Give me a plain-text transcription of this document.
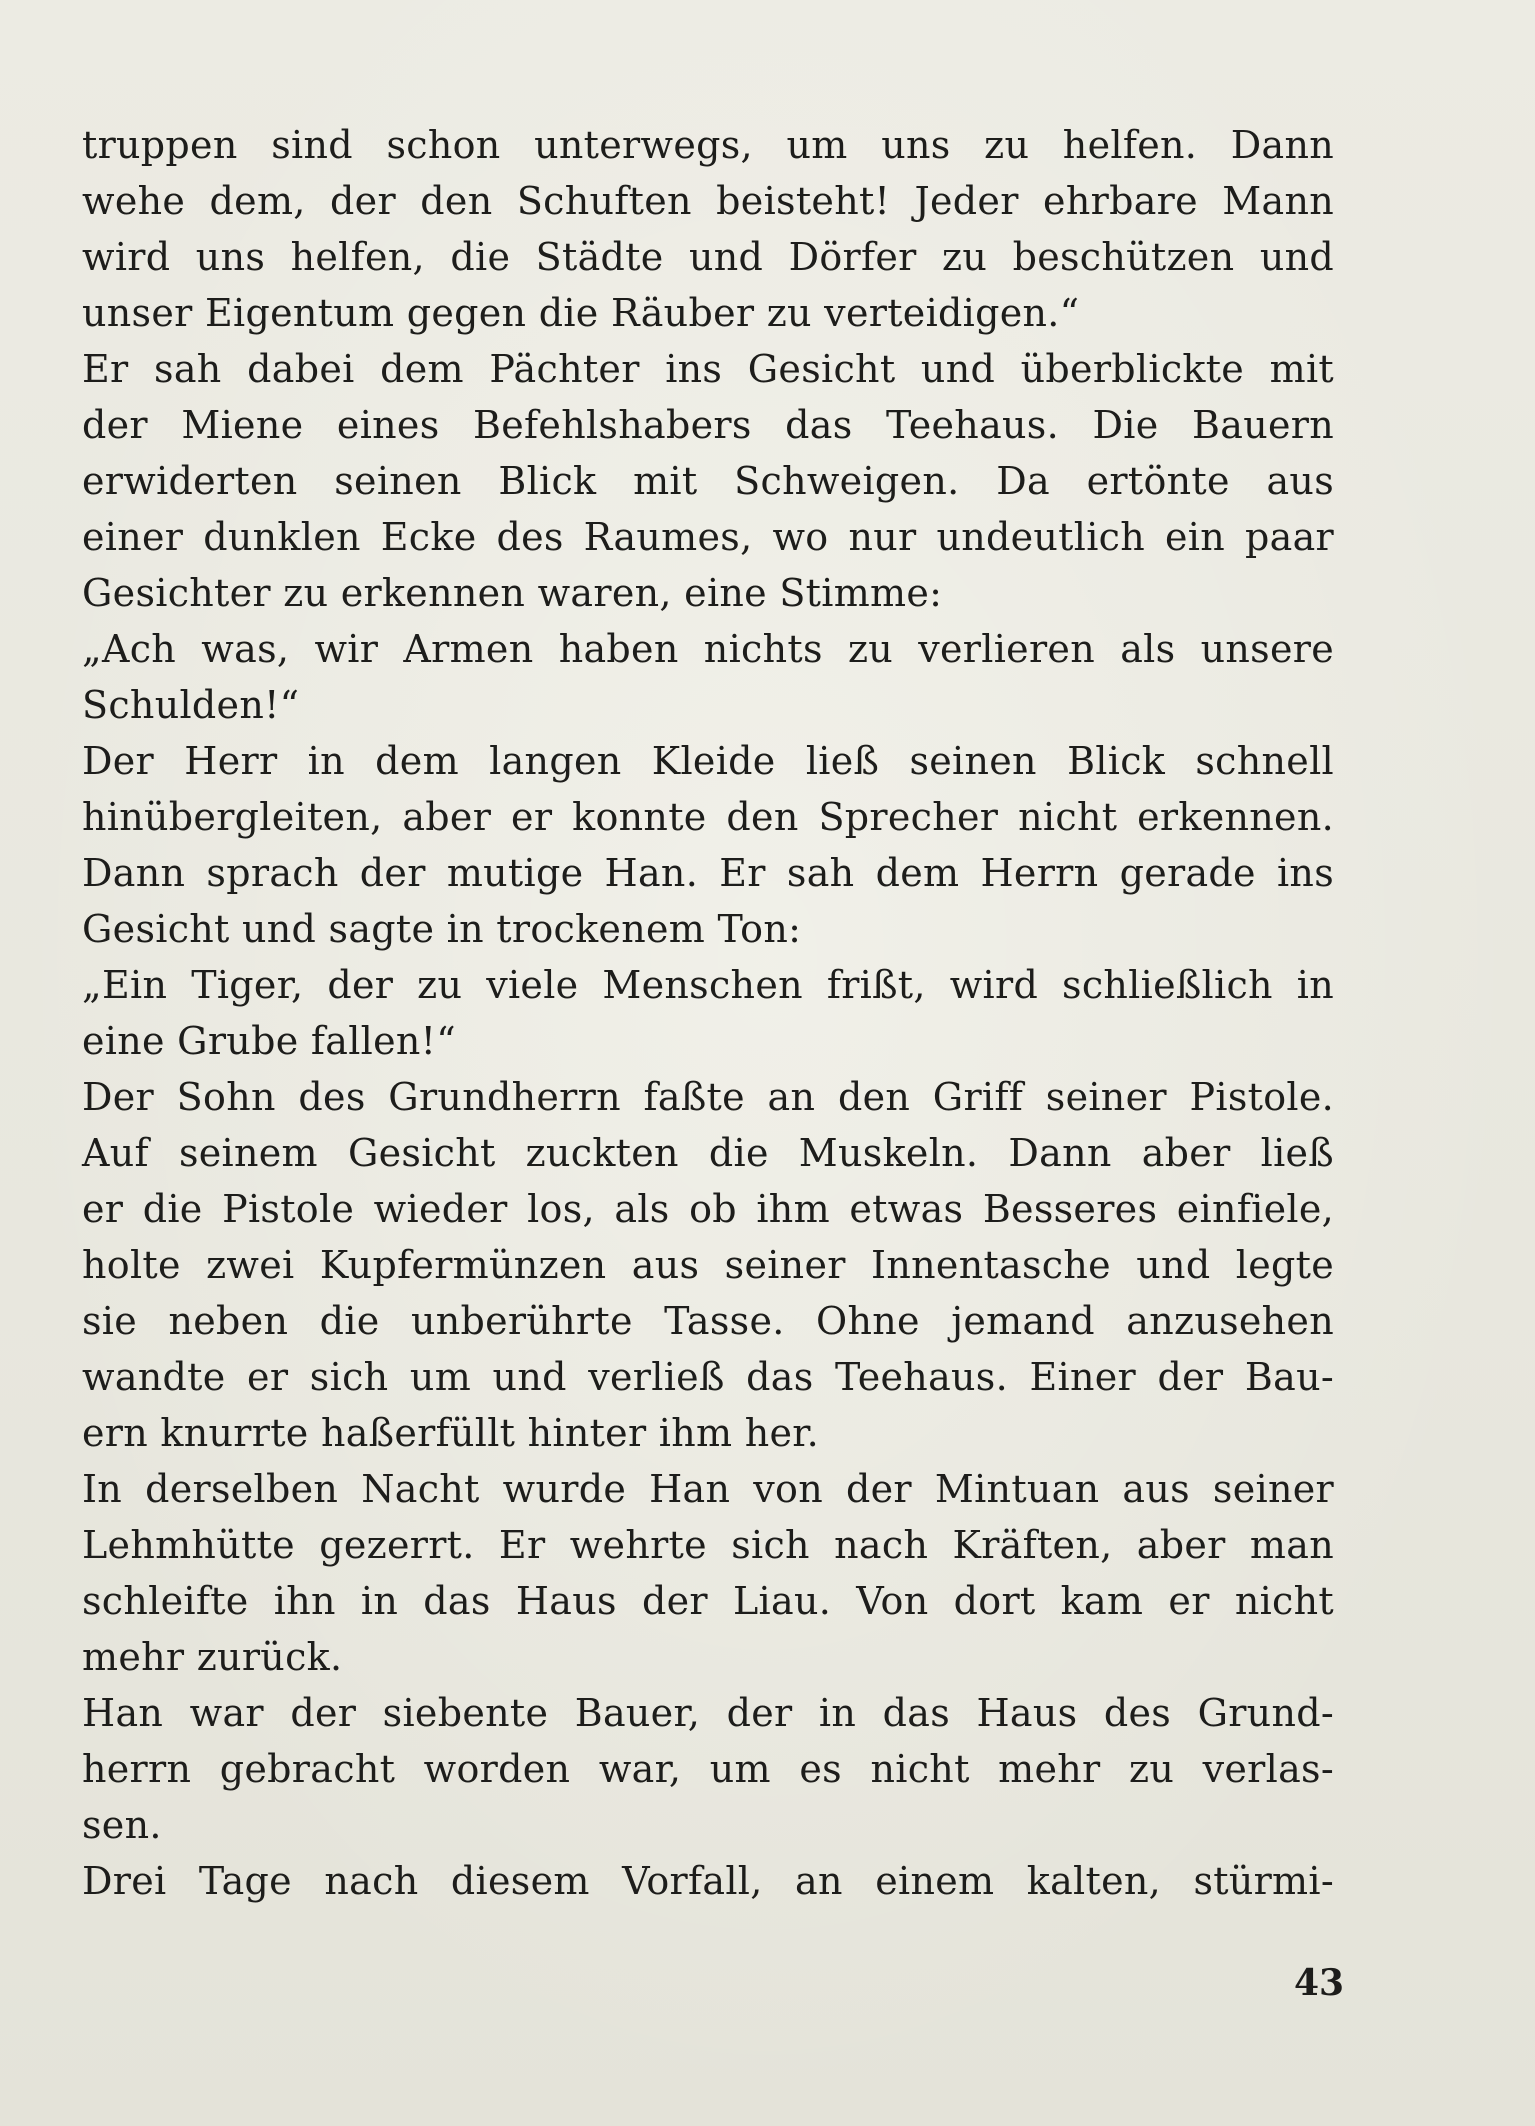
truppen sind schon unterwegs, um uns zu helfen. Dann
wehe dem, der den Schuften beisteht! Jeder ehrbare Mann
wird uns helfen, die Städte und Dörfer zu beschützen und
unser Eigentum gegen die Räuber zu verteidigen.“
Er sah dabei dem Pächter ins Gesicht und überblickte mit
der Miene eines Befehlshabers das Teehaus. Die Bauern
erwiderten seinen Blick mit Schweigen. Da ertönte aus
einer dunklen Ecke des Raumes, wo nur undeutlich ein paar
Gesichter zu erkennen waren, eine Stimme:
„Ach was, wir Armen haben nichts zu verlieren als unsere
Schulden!“
Der Herr in dem langen Kleide ließ seinen Blick schnell
hinübergleiten, aber er konnte den Sprecher nicht erkennen.
Dann sprach der mutige Han. Er sah dem Herrn gerade ins
Gesicht und sagte in trockenem Ton:
„Ein Tiger, der zu viele Menschen frißt, wird schließlich in
eine Grube fallen!“
Der Sohn des Grundherrn faßte an den Griff seiner Pistole.
Auf seinem Gesicht zuckten die Muskeln. Dann aber ließ
er die Pistole wieder los, als ob ihm etwas Besseres einfiele,
holte zwei Kupfermünzen aus seiner Innentasche und legte
sie neben die unberührte Tasse. Ohne jemand anzusehen
wandte er sich um und verließ das Teehaus. Einer der Bau-
ern knurrte haßerfüllt hinter ihm her.
In derselben Nacht wurde Han von der Mintuan aus seiner
Lehmhütte gezerrt. Er wehrte sich nach Kräften, aber man
schleifte ihn in das Haus der Liau. Von dort kam er nicht
mehr zurück.
Han war der siebente Bauer, der in das Haus des Grund-
herrn gebracht worden war, um es nicht mehr zu verlas-
sen.
Drei Tage nach diesem Vorfall, an einem kalten, stürmi-
43
